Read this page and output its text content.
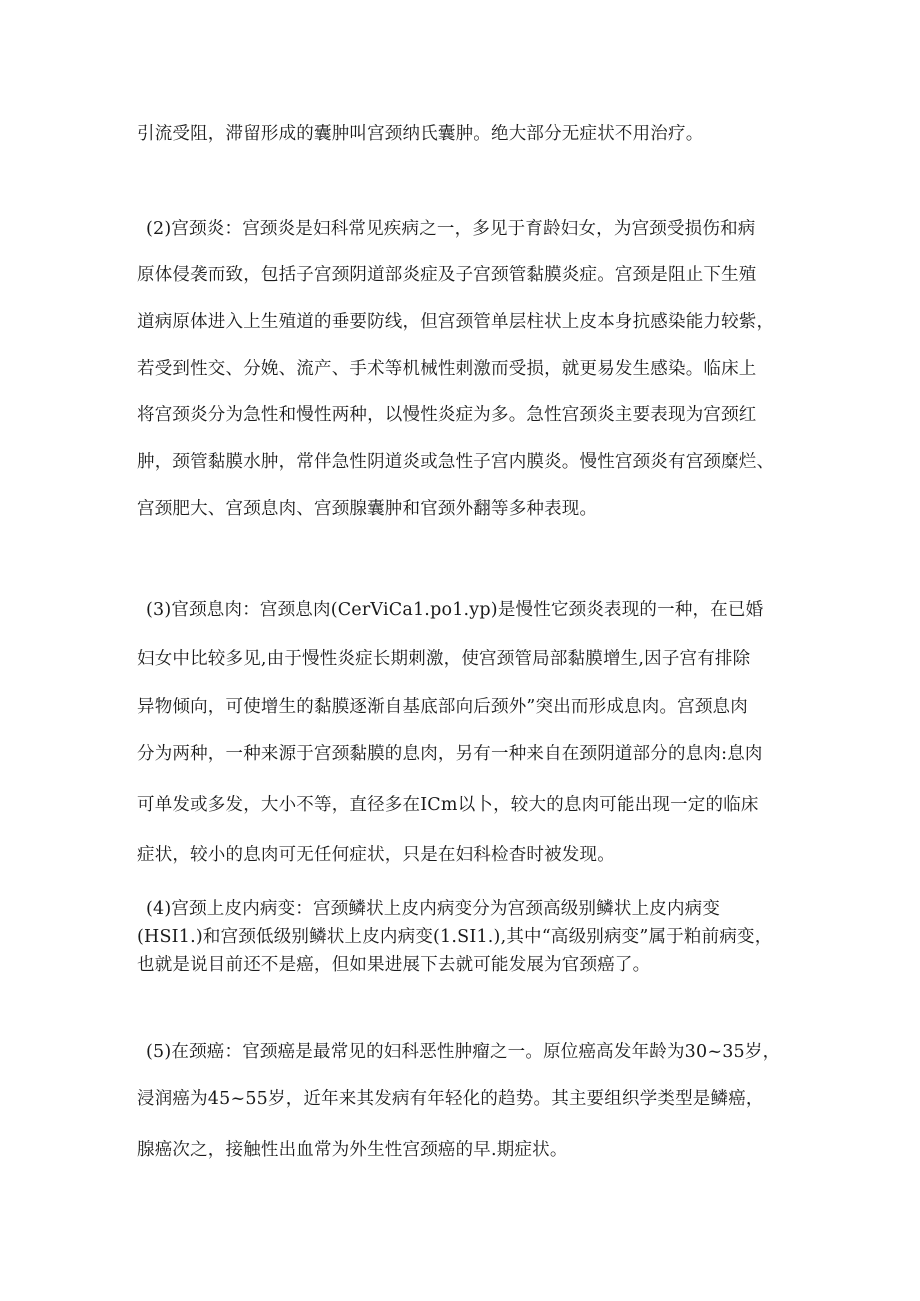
引流受阻，滞留形成的囊肿叫宫颈纳氏囊肿。绝大部分无症状不用治疗。
(2)宫颈炎：宫颈炎是妇科常见疾病之一，多见于育龄妇女，为宫颈受损伤和病
原体侵袭而致，包括子宫颈阴道部炎症及子宫颈管黏膜炎症。宫颈是阻止下生殖
道病原体进入上生殖道的垂要防线，但宫颈管单层柱状上皮本身抗感染能力较紫，
若受到性交、分娩、流产、手术等机械性刺激而受损，就更易发生感染。临床上
将宫颈炎分为急性和慢性两种，以慢性炎症为多。急性宫颈炎主要表现为宫颈红
肿，颈管黏膜水肿，常伴急性阴道炎或急性子宫内膜炎。慢性宫颈炎有宫颈糜烂、
宫颈肥大、宫颈息肉、宫颈腺囊肿和官颈外翻等多种表现。
(3)官颈息肉：宫颈息肉(CerViCa1.po1.yp)是慢性它颈炎表现的一种，在已婚
妇女中比较多见,由于慢性炎症长期刺激，使宫颈管局部黏膜增生,因子宫有排除
异物倾向，可使增生的黏膜逐渐自基底部向后颈外”突出而形成息肉。宫颈息肉
分为两种，一种来源于宫颈黏膜的息肉，另有一种来自在颈阴道部分的息肉:息肉
可单发或多发，大小不等，直径多在ICm以卜，较大的息肉可能出现一定的临床
症状，较小的息肉可无任何症状，只是在妇科检杳时被发现。
(4)宫颈上皮内病变：宫颈鳞状上皮内病变分为宫颈高级别鳞状上皮内病变
(HSI1.)和宫颈低级别鳞状上皮内病变(1.SI1.),其中“高级别病变”属于粕前病变，
也就是说目前还不是癌，但如果进展下去就可能发展为官颈癌了。
(5)在颈癌：官颈癌是最常见的妇科恶性肿瘤之一。原位癌高发年龄为30~35岁，
浸润癌为45~55岁，近年来其发病有年轻化的趋势。其主要组织学类型是鳞癌，
腺癌次之，接触性出血常为外生性宫颈癌的早.期症状。
